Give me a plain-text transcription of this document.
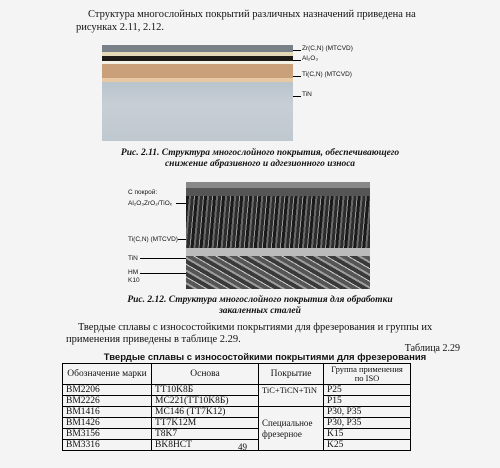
Структура многослойных покрытий различных назначений приведена на рисунках 2.11, 2.12.
Zr(C,N) (MTCVD)
Al₂O₃
Ti(C,N) (MTCVD)
TiN
Рис. 2.11. Структура многослойного покрытия, обеспечивающего
снижение абразивного и адгезионного износа
С покрой:
Al₂O₃ZrO₂/TiOₓ
Ti(C,N) (MTCVD)
TiN
HM
K10
Рис. 2.12. Структура многослойного покрытия для обработки
закаленных сталей
Твердые сплавы с износостойкими покрытиями для фрезерования и группы их применения приведены в таблице 2.29.
Таблица 2.29
Твердые сплавы с износостойкими покрытиями для фрезерования
Обозначение марки	Основа	Покрытие	Группа применения по ISO
BM2206	TT10K8Б	TiC+TiCN+TiN	P25
BM2226	MC221(TT10K8Б)		P15
BM1416	MC146 (TT7K12)	Специальное фрезерное	P30, P35
BM1426	TT7K12M		P30, P35
BM3156	T8K7		K15
BM3316	BK8HCT		K25
49
